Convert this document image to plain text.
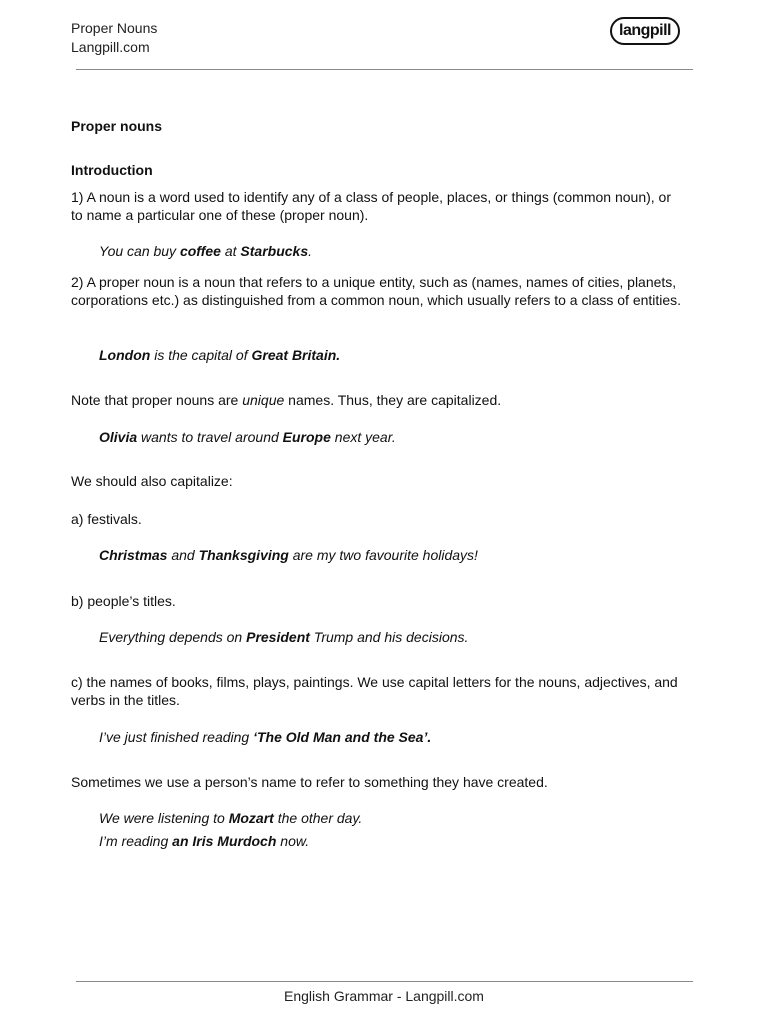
Proper Nouns
Langpill.com
langpill
Proper nouns
Introduction
1) A noun is a word used to identify any of a class of people, places, or things (common noun), or to name a particular one of these (proper noun).
You can buy coffee at Starbucks.
2) A proper noun is a noun that refers to a unique entity, such as (names, names of cities, planets, corporations etc.) as distinguished from a common noun, which usually refers to a class of entities.
London is the capital of Great Britain.
Note that proper nouns are unique names. Thus, they are capitalized.
Olivia wants to travel around Europe next year.
We should also capitalize:
a) festivals.
Christmas and Thanksgiving are my two favourite holidays!
b) people’s titles.
Everything depends on President Trump and his decisions.
c) the names of books, films, plays, paintings. We use capital letters for the nouns, adjectives, and verbs in the titles.
I’ve just finished reading ‘The Old Man and the Sea’.
Sometimes we use a person’s name to refer to something they have created.
We were listening to Mozart the other day.
I’m reading an Iris Murdoch now.
English Grammar - Langpill.com
